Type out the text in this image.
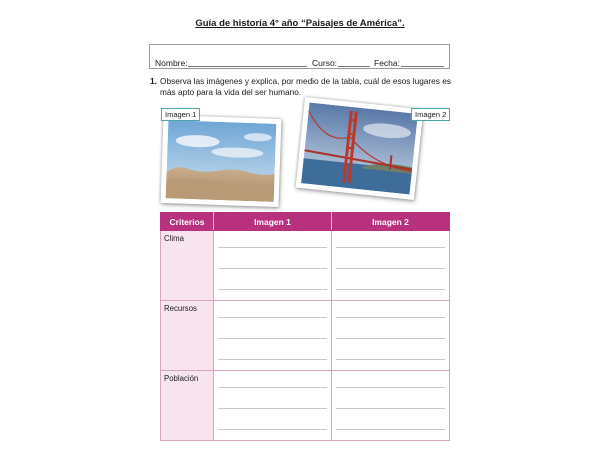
Guía de historia 4° año “Paisajes de América”.
Nombre:	Curso:	Fecha:
1. Observa las imágenes y explica, por medio de la tabla, cuál de esos lugares es más apto para la vida del ser humano.
Imagen 1	Imagen 2
Criterios	Imagen 1	Imagen 2
Clima	

Recursos	

Población	
